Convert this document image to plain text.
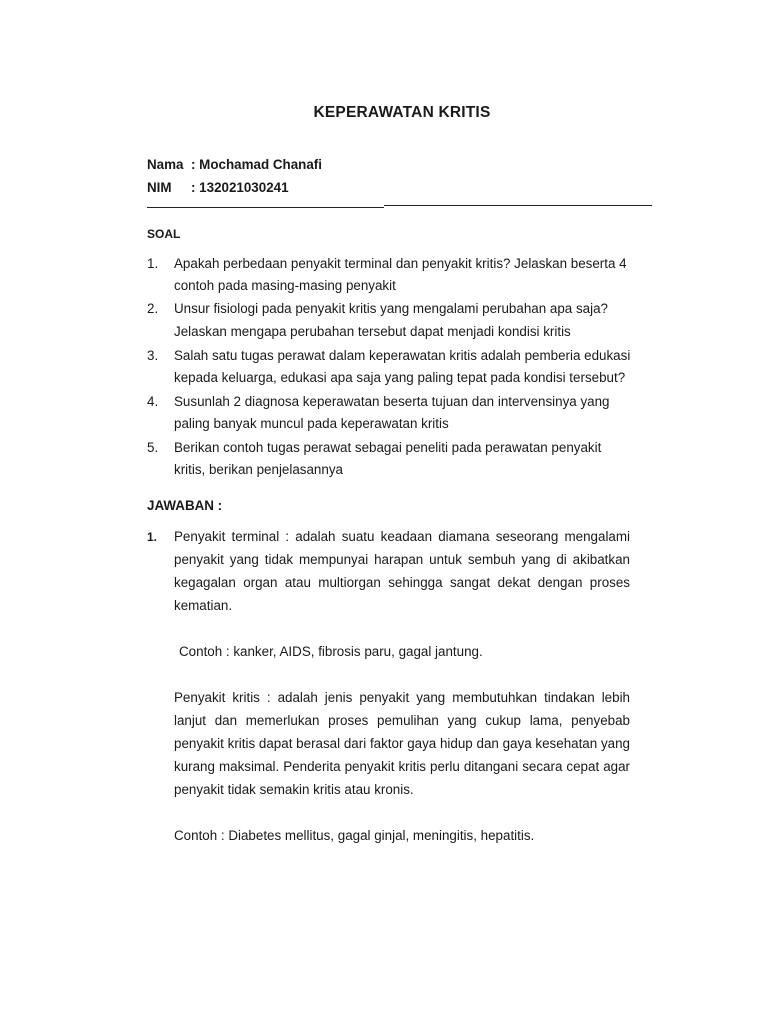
KEPERAWATAN KRITIS
Nama : Mochamad Chanafi
NIM : 132021030241
SOAL
1. Apakah perbedaan penyakit terminal dan penyakit kritis? Jelaskan beserta 4
contoh pada masing-masing penyakit
2. Unsur fisiologi pada penyakit kritis yang mengalami perubahan apa saja?
Jelaskan mengapa perubahan tersebut dapat menjadi kondisi kritis
3. Salah satu tugas perawat dalam keperawatan kritis adalah pemberia edukasi
kepada keluarga, edukasi apa saja yang paling tepat pada kondisi tersebut?
4. Susunlah 2 diagnosa keperawatan beserta tujuan dan intervensinya yang
paling banyak muncul pada keperawatan kritis
5. Berikan contoh tugas perawat sebagai peneliti pada perawatan penyakit
kritis, berikan penjelasannya
JAWABAN :
1. Penyakit terminal : adalah suatu keadaan diamana seseorang mengalami
penyakit yang tidak mempunyai harapan untuk sembuh yang di akibatkan
kegagalan organ atau multiorgan sehingga sangat dekat dengan proses
kematian.
Contoh : kanker, AIDS, fibrosis paru, gagal jantung.
Penyakit kritis : adalah jenis penyakit yang membutuhkan tindakan lebih
lanjut dan memerlukan proses pemulihan yang cukup lama, penyebab
penyakit kritis dapat berasal dari faktor gaya hidup dan gaya kesehatan yang
kurang maksimal. Penderita penyakit kritis perlu ditangani secara cepat agar
penyakit tidak semakin kritis atau kronis.
Contoh : Diabetes mellitus, gagal ginjal, meningitis, hepatitis.
